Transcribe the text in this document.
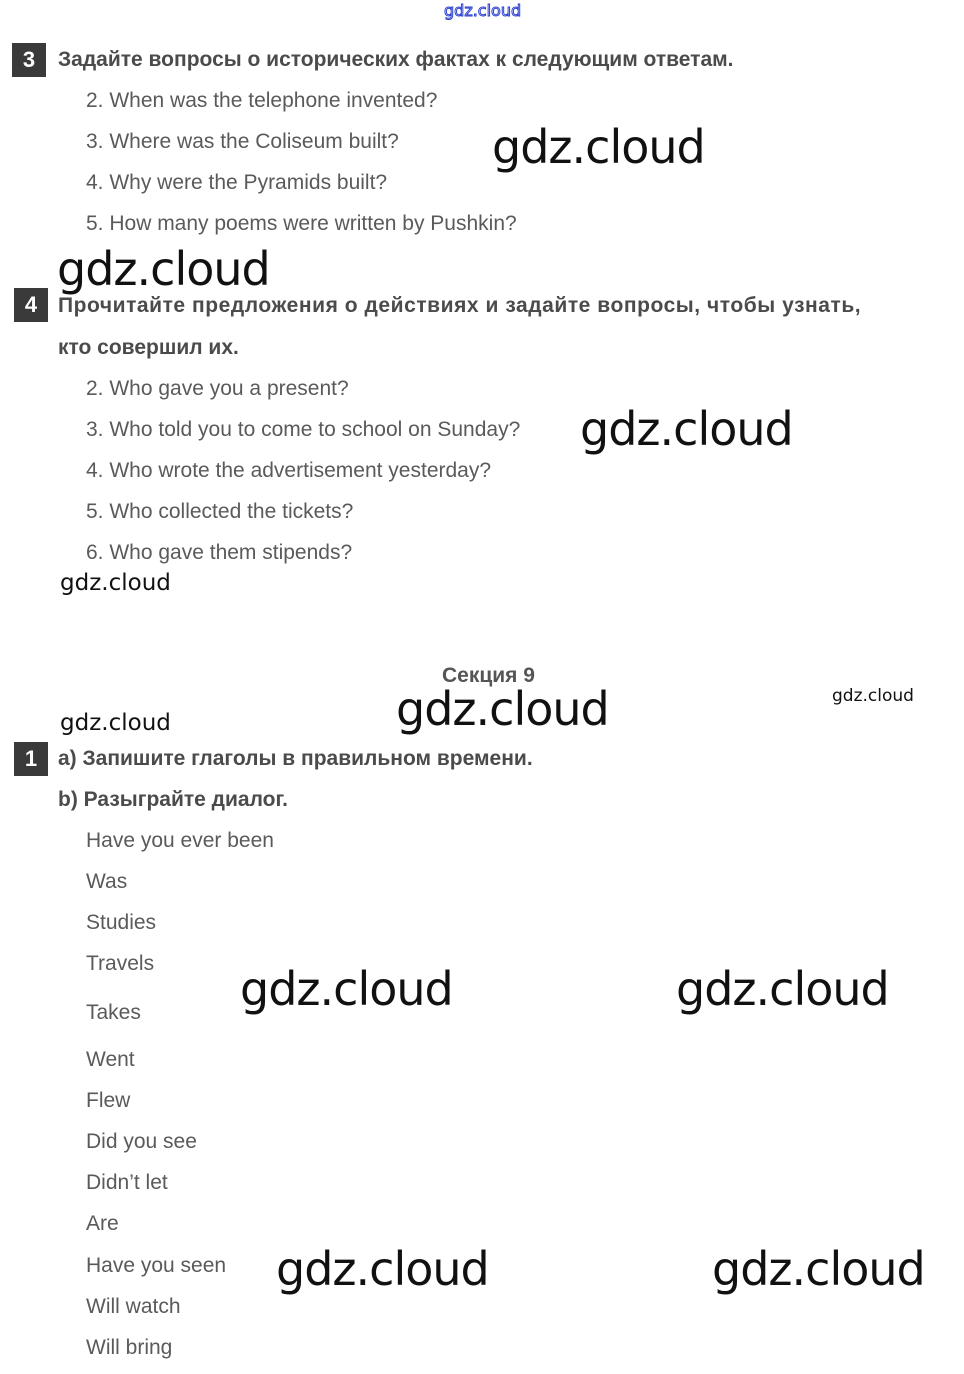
gdz.cloud
3	Задайте вопросы о исторических фактах к следующим ответам.
2. When was the telephone invented?
3. Where was the Coliseum built?
4. Why were the Pyramids built?
5. How many poems were written by Pushkin?
gdz.cloud
gdz.cloud
4 Прочитайте предложения о действиях и задайте вопросы, чтобы узнать,
кто совершил их.
2. Who gave you a present?
3. Who told you to come to school on Sunday?
4. Who wrote the advertisement yesterday?
5. Who collected the tickets?
6. Who gave them stipends?
gdz.cloud
gdz.cloud
Секция 9
gdz.cloud	gdz.cloud
gdz.cloud
1 a) Запишите глаголы в правильном времени.
b) Разыграйте диалог.
Have you ever been
Was
Studies
Travels
Takes
Went
Flew
Did you see
Didn’t let
Are
Have you seen
Will watch
Will bring
gdz.cloud	gdz.cloud
gdz.cloud	gdz.cloud
